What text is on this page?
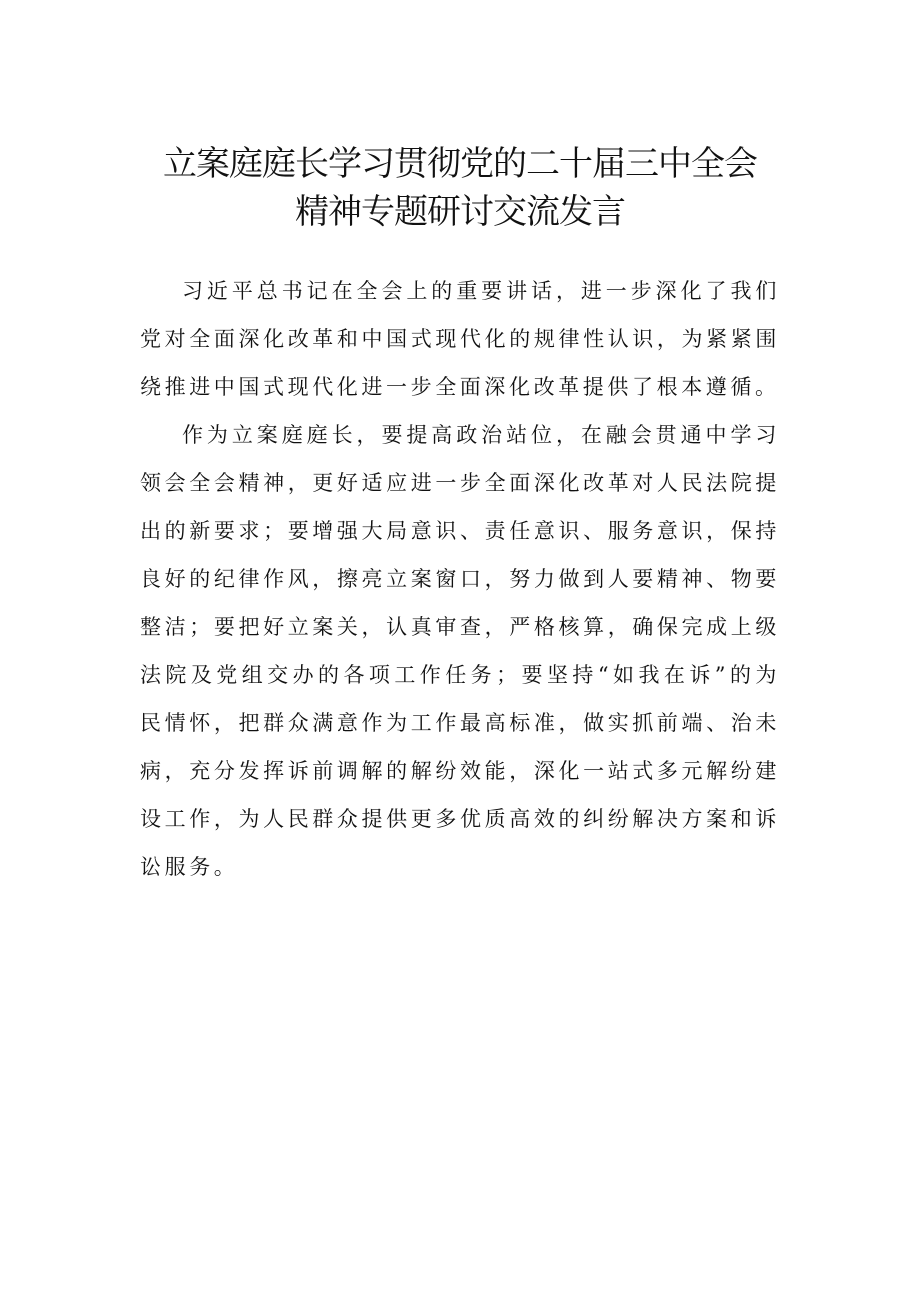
立案庭庭长学习贯彻党的二十届三中全会
精神专题研讨交流发言

习近平总书记在全会上的重要讲话，进一步深化了我们党对全面深化改革和中国式现代化的规律性认识，为紧紧围绕推进中国式现代化进一步全面深化改革提供了根本遵循。

作为立案庭庭长，要提高政治站位，在融会贯通中学习领会全会精神，更好适应进一步全面深化改革对人民法院提出的新要求；要增强大局意识、责任意识、服务意识，保持良好的纪律作风，擦亮立案窗口，努力做到人要精神、物要整洁；要把好立案关，认真审查，严格核算，确保完成上级法院及党组交办的各项工作任务；要坚持“如我在诉”的为民情怀，把群众满意作为工作最高标准，做实抓前端、治未病，充分发挥诉前调解的解纷效能，深化一站式多元解纷建设工作，为人民群众提供更多优质高效的纠纷解决方案和诉讼服务。
